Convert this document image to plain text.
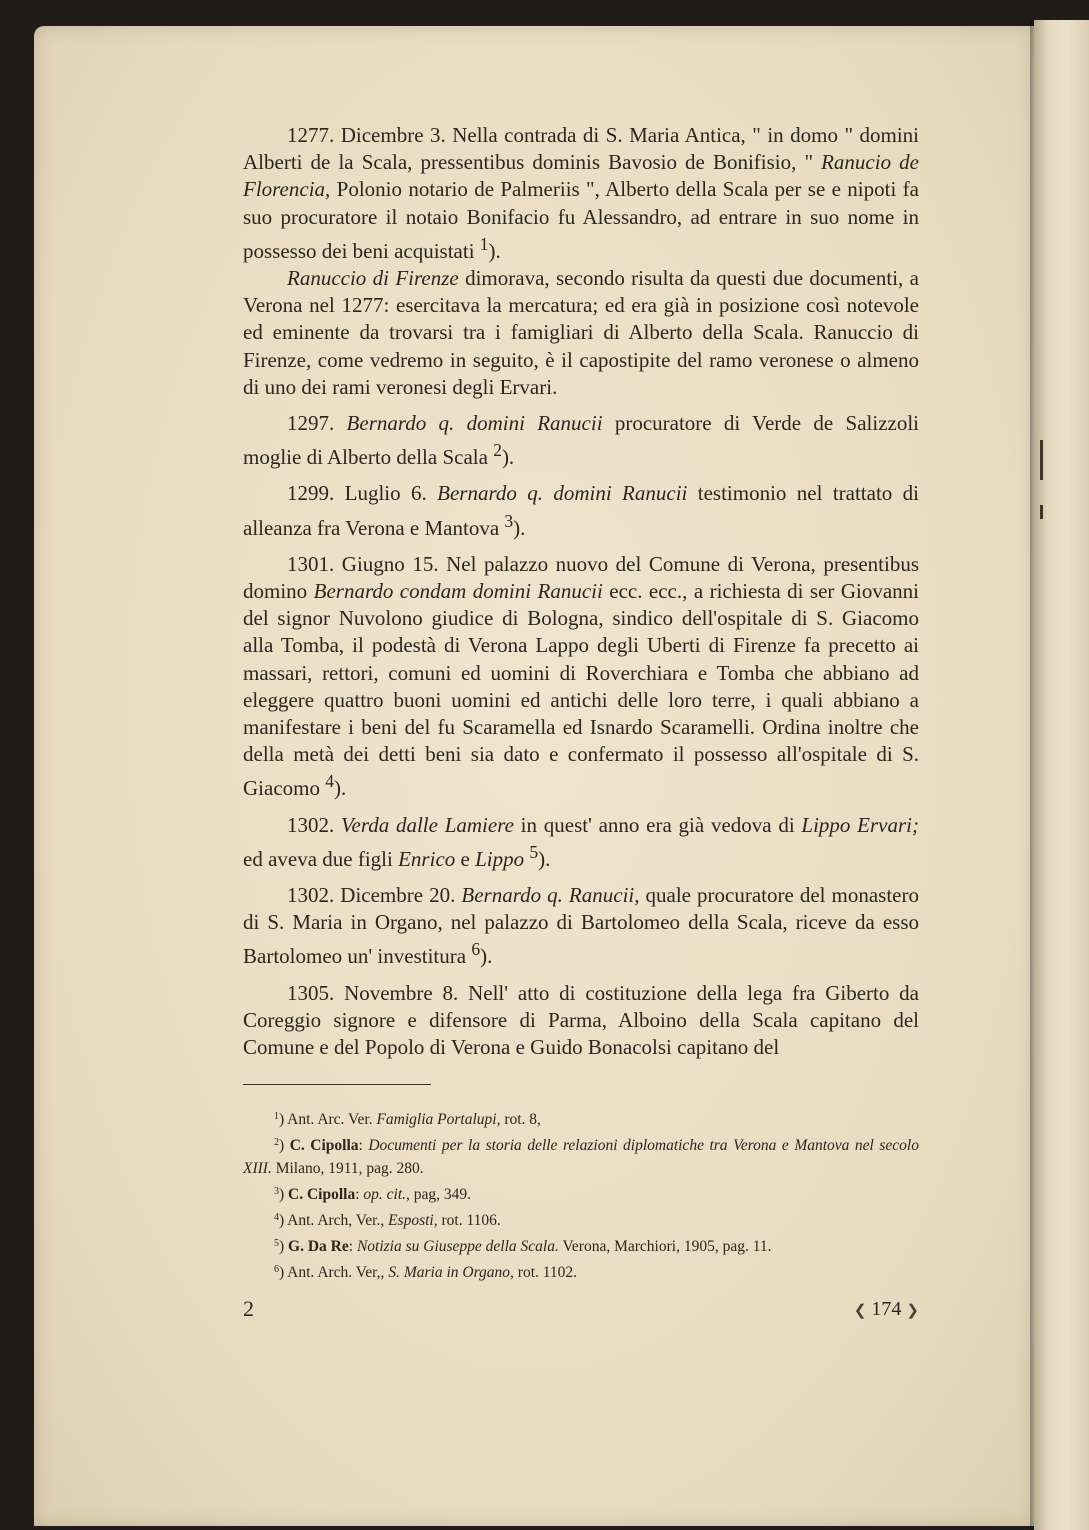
1277. Dicembre 3. Nella contrada di S. Maria Antica, " in domo " domini Alberti de la Scala, pressentibus dominis Bavosio de Bonifisio, " Ranucio de Florencia, Polonio notario de Palmeriis ", Alberto della Scala per se e nipoti fa suo procuratore il notaio Bonifacio fu Alessandro, ad entrare in suo nome in possesso dei beni acquistati $^1$).

Ranuccio di Firenze dimorava, secondo risulta da questi due documenti, a Verona nel 1277: esercitava la mercatura; ed era già in posizione così notevole ed eminente da trovarsi tra i famigliari di Alberto della Scala. Ranuccio di Firenze, come vedremo in seguito, è il capostipite del ramo veronese o almeno di uno dei rami veronesi degli Ervari.

1297. Bernardo q. domini Ranucii procuratore di Verde de Salizzoli moglie di Alberto della Scala $^2$).

1299. Luglio 6. Bernardo q. domini Ranucii testimonio nel trattato di alleanza fra Verona e Mantova $^3$).

1301. Giugno 15. Nel palazzo nuovo del Comune di Verona, presentibus domino Bernardo condam domini Ranucii ecc. ecc., a richiesta di ser Giovanni del signor Nuvolono giudice di Bologna, sindico dell'ospitale di S. Giacomo alla Tomba, il podestà di Verona Lappo degli Uberti di Firenze fa precetto ai massari, rettori, comuni ed uomini di Roverchiara e Tomba che abbiano ad eleggere quattro buoni uomini ed antichi delle loro terre, i quali abbiano a manifestare i beni del fu Scaramella ed Isnardo Scaramelli. Ordina inoltre che della metà dei detti beni sia dato e confermato il possesso all'ospitale di S. Giacomo $^4$).

1302. Verda dalle Lamiere in quest' anno era già vedova di Lippo Ervari; ed aveva due figli Enrico e Lippo $^5$).

1302. Dicembre 20. Bernardo q. Ranucii, quale procuratore del monastero di S. Maria in Organo, nel palazzo di Bartolomeo della Scala, riceve da esso Bartolomeo un' investitura $^6$).

1305. Novembre 8. Nell' atto di costituzione della lega fra Giberto da Coreggio signore e difensore di Parma, Alboino della Scala capitano del Comune e del Popolo di Verona e Guido Bonacolsi capitano del

$^1$) Ant. Arc. Ver. Famiglia Portalupi, rot. 8,

$^2$) C. Cipolla: Documenti per la storia delle relazioni diplomatiche tra Verona e Mantova nel secolo XIII. Milano, 1911, pag. 280.

$^3$) C. Cipolla: op. cit., pag, 349.

$^4$) Ant. Arch, Ver., Esposti, rot. 1106.

$^5$) G. Da Re: Notizia su Giuseppe della Scala. Verona, Marchiori, 1905, pag. 11.

$^6$) Ant. Arch. Ver,, S. Maria in Organo, rot. 1102.

2	❮ 174 ❯
